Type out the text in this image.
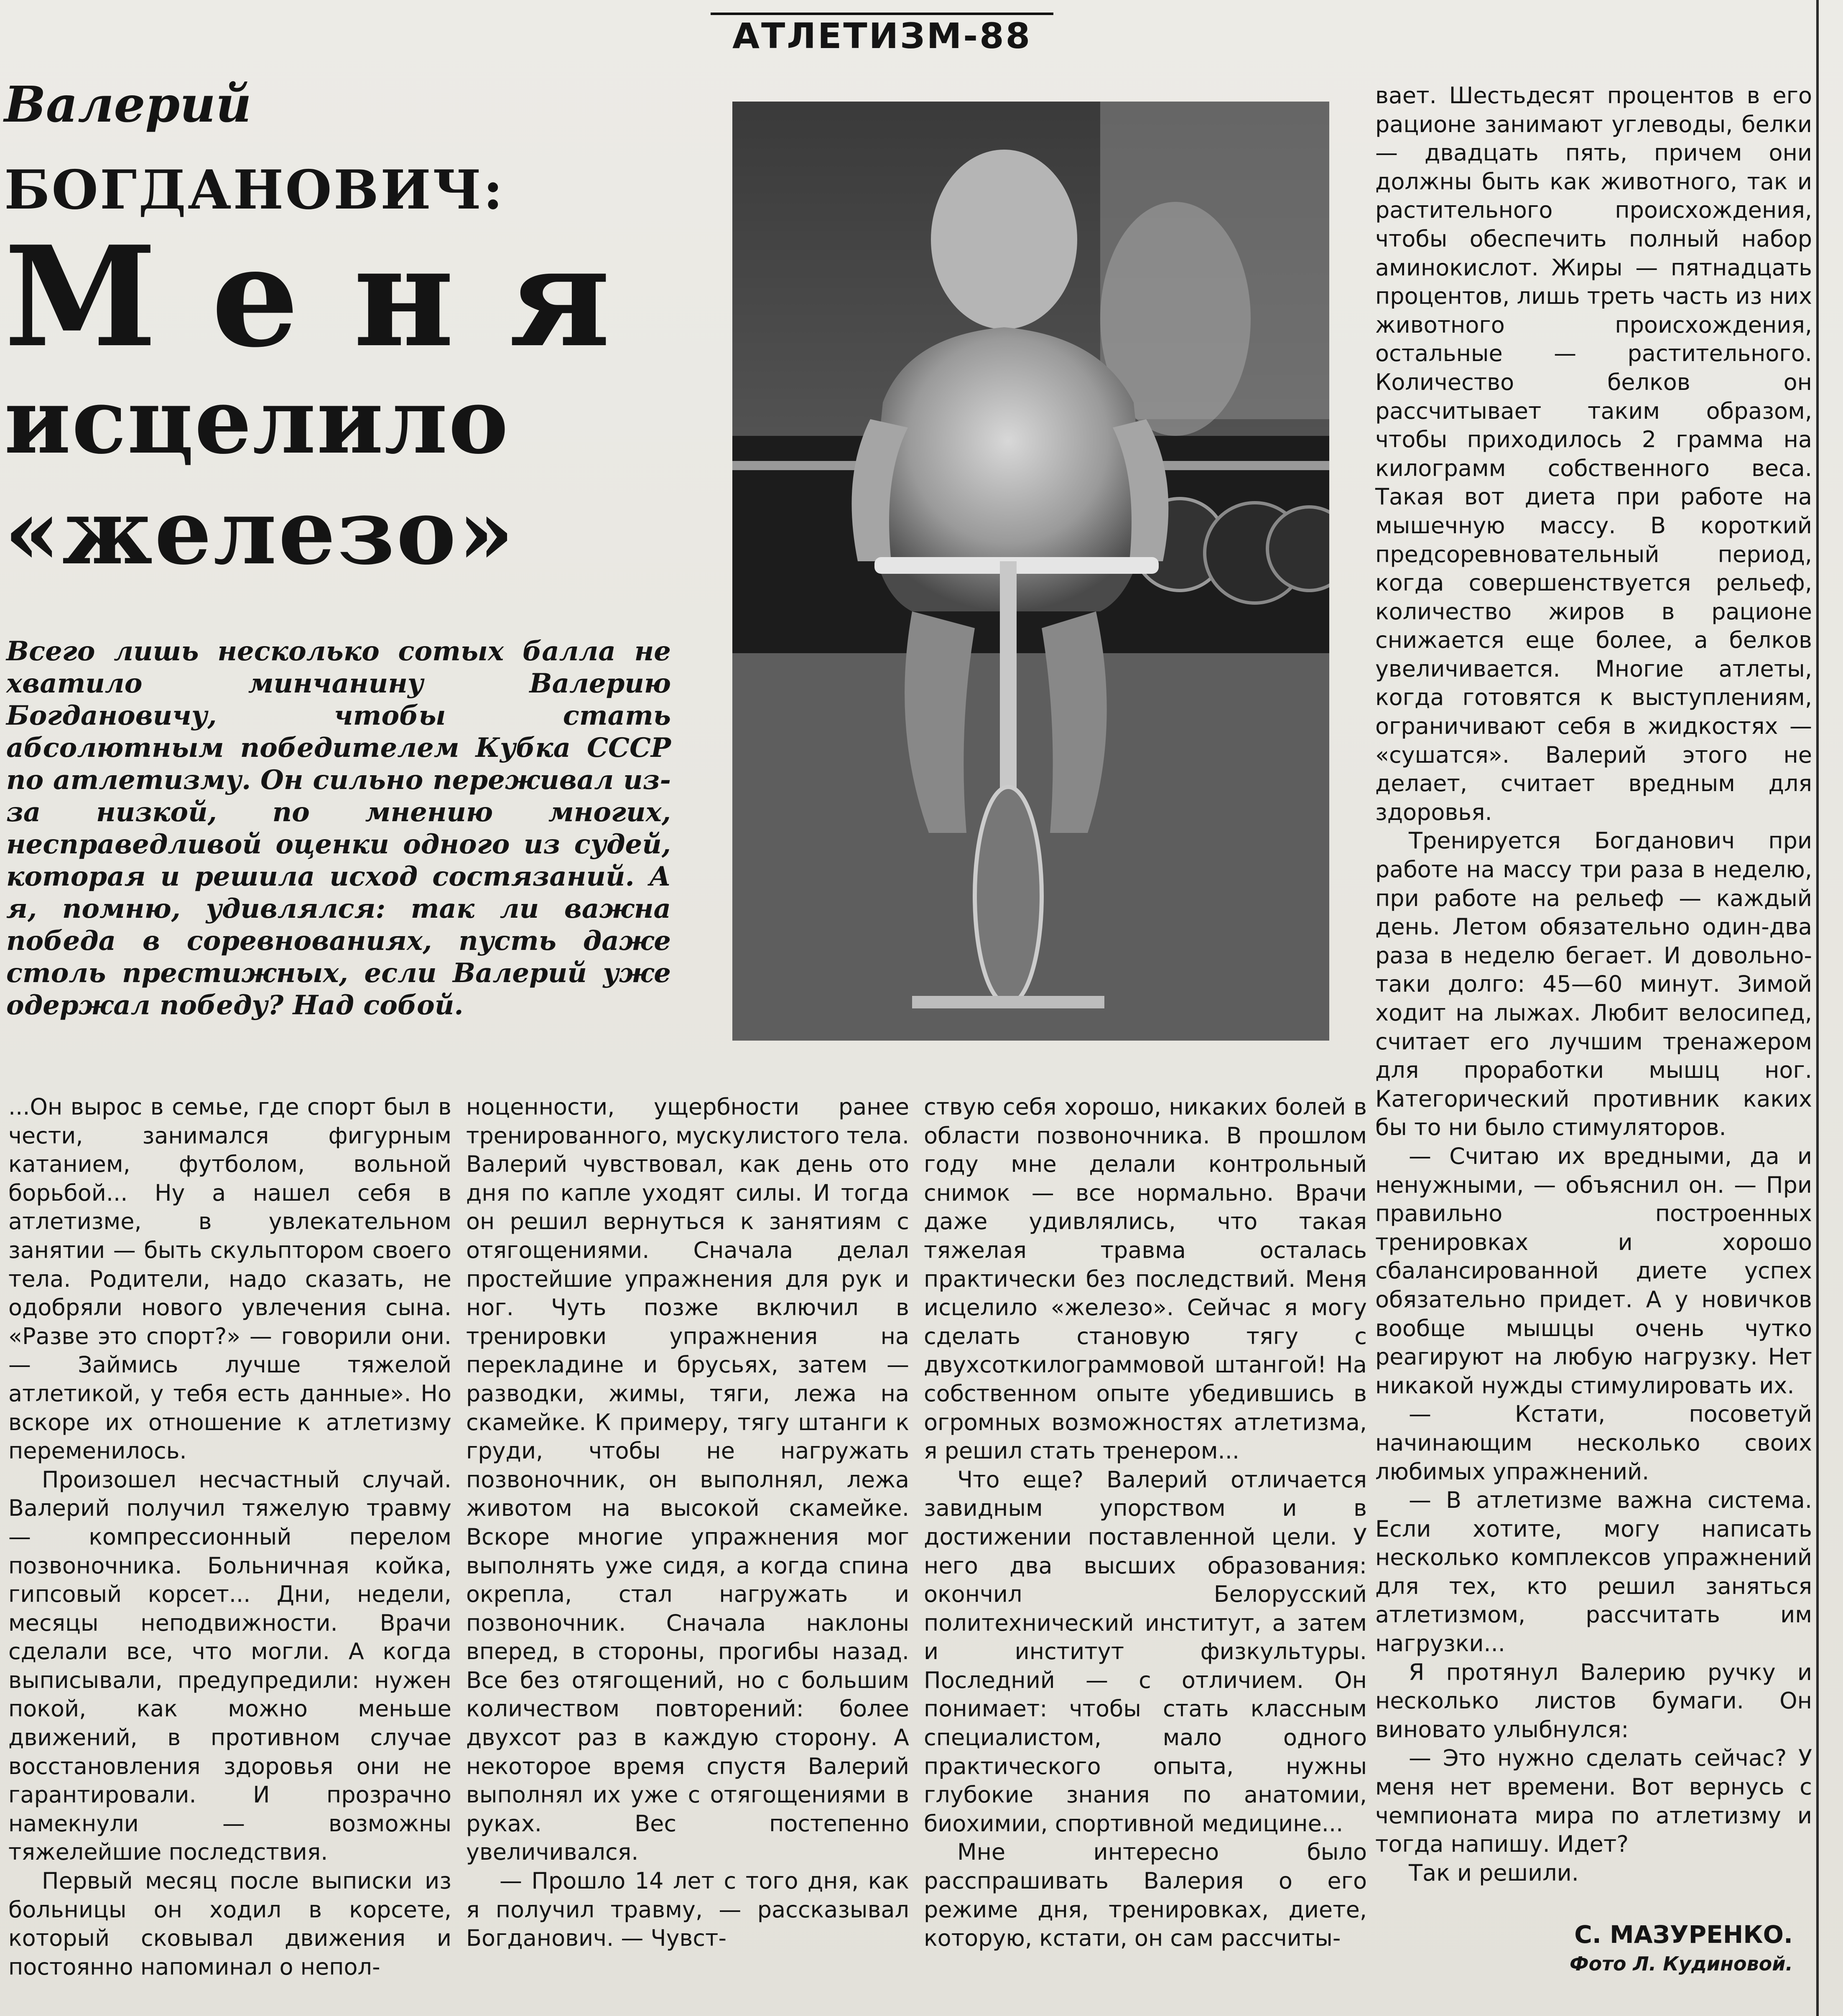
АТЛЕТИЗМ-88
Валерий
БОГДАНОВИЧ:
Меня
исцелило
«железо»
Всего лишь несколько сотых балла не хватило минчанину Валерию Богдановичу, чтобы стать абсолютным победителем Кубка СССР по атлетизму. Он сильно переживал из-за низкой, по мнению многих, несправедливой оценки одного из судей, которая и решила исход состязаний. А я, помню, удивлялся: так ли важна победа в соревнованиях, пусть даже столь престижных, если Валерий уже одержал победу? Над собой.

...Он вырос в семье, где спорт был в чести, занимался фигурным катанием, футболом, вольной борьбой... Ну а нашел себя в атлетизме, в увлекательном занятии — быть скульптором своего тела. Родители, надо сказать, не одобряли нового увлечения сына. «Разве это спорт?» — говорили они. — Займись лучше тяжелой атлетикой, у тебя есть данные». Но вскоре их отношение к атлетизму переменилось.

Произошел несчастный случай. Валерий получил тяжелую травму — компрессионный перелом позвоночника. Больничная койка, гипсовый корсет... Дни, недели, месяцы неподвижности. Врачи сделали все, что могли. А когда выписывали, предупредили: нужен покой, как можно меньше движений, в противном случае восстановления здоровья они не гарантировали. И прозрачно намекнули — возможны тяжелейшие последствия.

Первый месяц после выписки из больницы он ходил в корсете, который сковывал движения и постоянно напоминал о непол-

ноценности, ущербности ранее тренированного, мускулистого тела. Валерий чувствовал, как день ото дня по капле уходят силы. И тогда он решил вернуться к занятиям с отягощениями. Сначала делал простейшие упражнения для рук и ног. Чуть позже включил в тренировки упражнения на перекладине и брусьях, затем — разводки, жимы, тяги, лежа на скамейке. К примеру, тягу штанги к груди, чтобы не нагружать позвоночник, он выполнял, лежа животом на высокой скамейке. Вскоре многие упражнения мог выполнять уже сидя, а когда спина окрепла, стал нагружать и позвоночник. Сначала наклоны вперед, в стороны, прогибы назад. Все без отягощений, но с большим количеством повторений: более двухсот раз в каждую сторону. А некоторое время спустя Валерий выполнял их уже с отягощениями в руках. Вес постепенно увеличивался.

— Прошло 14 лет с того дня, как я получил травму, — рассказывал Богданович. — Чувст-

ствую себя хорошо, никаких болей в области позвоночника. В прошлом году мне делали контрольный снимок — все нормально. Врачи даже удивлялись, что такая тяжелая травма осталась практически без последствий. Меня исцелило «железо». Сейчас я могу сделать становую тягу с двухсоткилограммовой штангой! На собственном опыте убедившись в огромных возможностях атлетизма, я решил стать тренером...

Что еще? Валерий отличается завидным упорством и в достижении поставленной цели. У него два высших образования: окончил Белорусский политехнический институт, а затем и институт физкультуры. Последний — с отличием. Он понимает: чтобы стать классным специалистом, мало одного практического опыта, нужны глубокие знания по анатомии, биохимии, спортивной медицине...

Мне интересно было расспрашивать Валерия о его режиме дня, тренировках, диете, которую, кстати, он сам рассчиты-

вает. Шестьдесят процентов в его рационе занимают углеводы, белки — двадцать пять, причем они должны быть как животного, так и растительного происхождения, чтобы обеспечить полный набор аминокислот. Жиры — пятнадцать процентов, лишь треть часть из них животного происхождения, остальные — растительного. Количество белков он рассчитывает таким образом, чтобы приходилось 2 грамма на килограмм собственного веса. Такая вот диета при работе на мышечную массу. В короткий предсоревновательный период, когда совершенствуется рельеф, количество жиров в рационе снижается еще более, а белков увеличивается. Многие атлеты, когда готовятся к выступлениям, ограничивают себя в жидкостях — «сушатся». Валерий этого не делает, считает вредным для здоровья.

Тренируется Богданович при работе на массу три раза в неделю, при работе на рельеф — каждый день. Летом обязательно один-два раза в неделю бегает. И довольно-таки долго: 45—60 минут. Зимой ходит на лыжах. Любит велосипед, считает его лучшим тренажером для проработки мышц ног. Категорический противник каких бы то ни было стимуляторов.

— Считаю их вредными, да и ненужными, — объяснил он. — При правильно построенных тренировках и хорошо сбалансированной диете успех обязательно придет. А у новичков вообще мышцы очень чутко реагируют на любую нагрузку. Нет никакой нужды стимулировать их.

— Кстати, посоветуй начинающим несколько своих любимых упражнений.

— В атлетизме важна система. Если хотите, могу написать несколько комплексов упражнений для тех, кто решил заняться атлетизмом, рассчитать им нагрузки...

Я протянул Валерию ручку и несколько листов бумаги. Он виновато улыбнулся:

— Это нужно сделать сейчас? У меня нет времени. Вот вернусь с чемпионата мира по атлетизму и тогда напишу. Идет?

Так и решили.

С. МАЗУРЕНКО.
Фото Л. Кудиновой.
